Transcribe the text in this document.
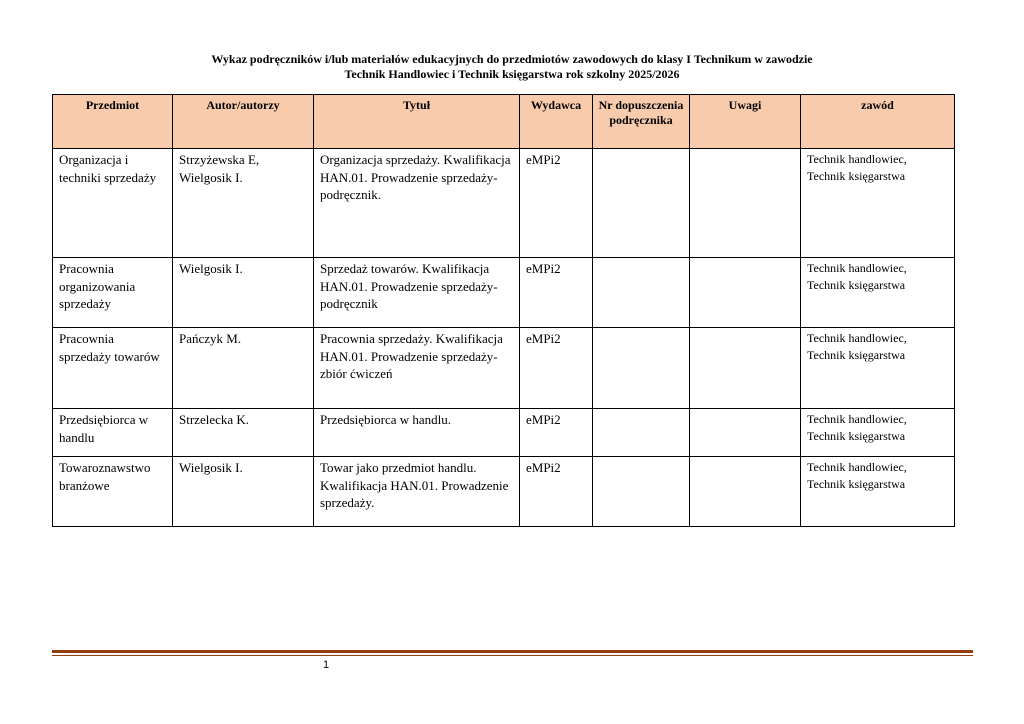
Wykaz podręczników i/lub materiałów edukacyjnych do przedmiotów zawodowych do klasy I Technikum w zawodzie
Technik Handlowiec i Technik księgarstwa rok szkolny 2025/2026
Przedmiot	Autor/autorzy	Tytuł	Wydawca	Nr dopuszczenia podręcznika	Uwagi	zawód
Organizacja i techniki sprzedaży	Strzyżewska E, Wielgosik I.	Organizacja sprzedaży. Kwalifikacja HAN.01. Prowadzenie sprzedaży- podręcznik.	eMPi2			Technik handlowiec, Technik księgarstwa
Pracownia organizowania sprzedaży	Wielgosik I.	Sprzedaż towarów. Kwalifikacja HAN.01. Prowadzenie sprzedaży- podręcznik	eMPi2			Technik handlowiec, Technik księgarstwa
Pracownia sprzedaży towarów	Pańczyk M.	Pracownia sprzedaży. Kwalifikacja HAN.01. Prowadzenie sprzedaży- zbiór ćwiczeń	eMPi2			Technik handlowiec, Technik księgarstwa
Przedsiębiorca w handlu	Strzelecka K.	Przedsiębiorca w handlu.	eMPi2			Technik handlowiec, Technik księgarstwa
Towaroznawstwo branżowe	Wielgosik I.	Towar jako przedmiot handlu. Kwalifikacja HAN.01. Prowadzenie sprzedaży.	eMPi2			Technik handlowiec, Technik księgarstwa
1
